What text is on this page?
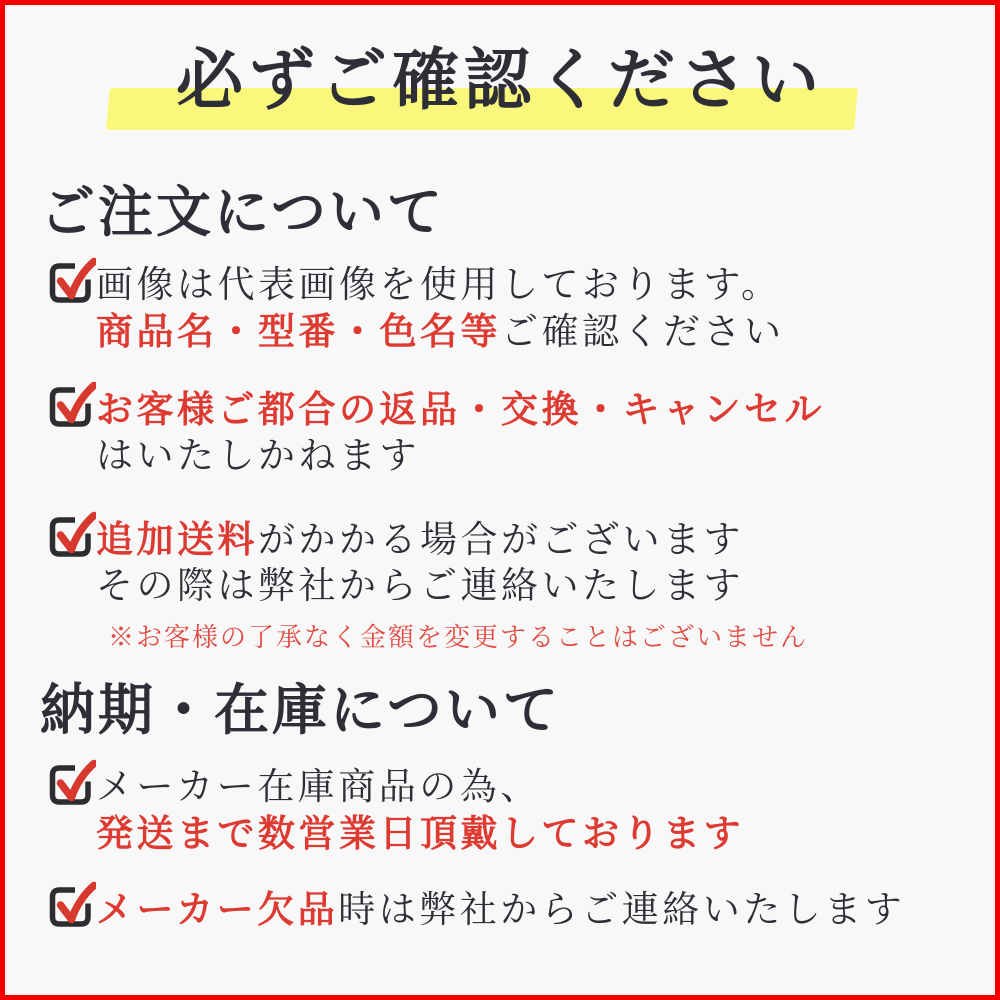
必ずご確認ください
ご注文について
納期・在庫について
画像は代表画像を使用しております。
商品名・型番・色名等ご確認ください
お客様ご都合の返品・交換・キャンセル
はいたしかねます
追加送料がかかる場合がございます
その際は弊社からご連絡いたします
※お客様の了承なく金額を変更することはございません
メーカー在庫商品の為、
発送まで数営業日頂戴しております
メーカー欠品時は弊社からご連絡いたします
